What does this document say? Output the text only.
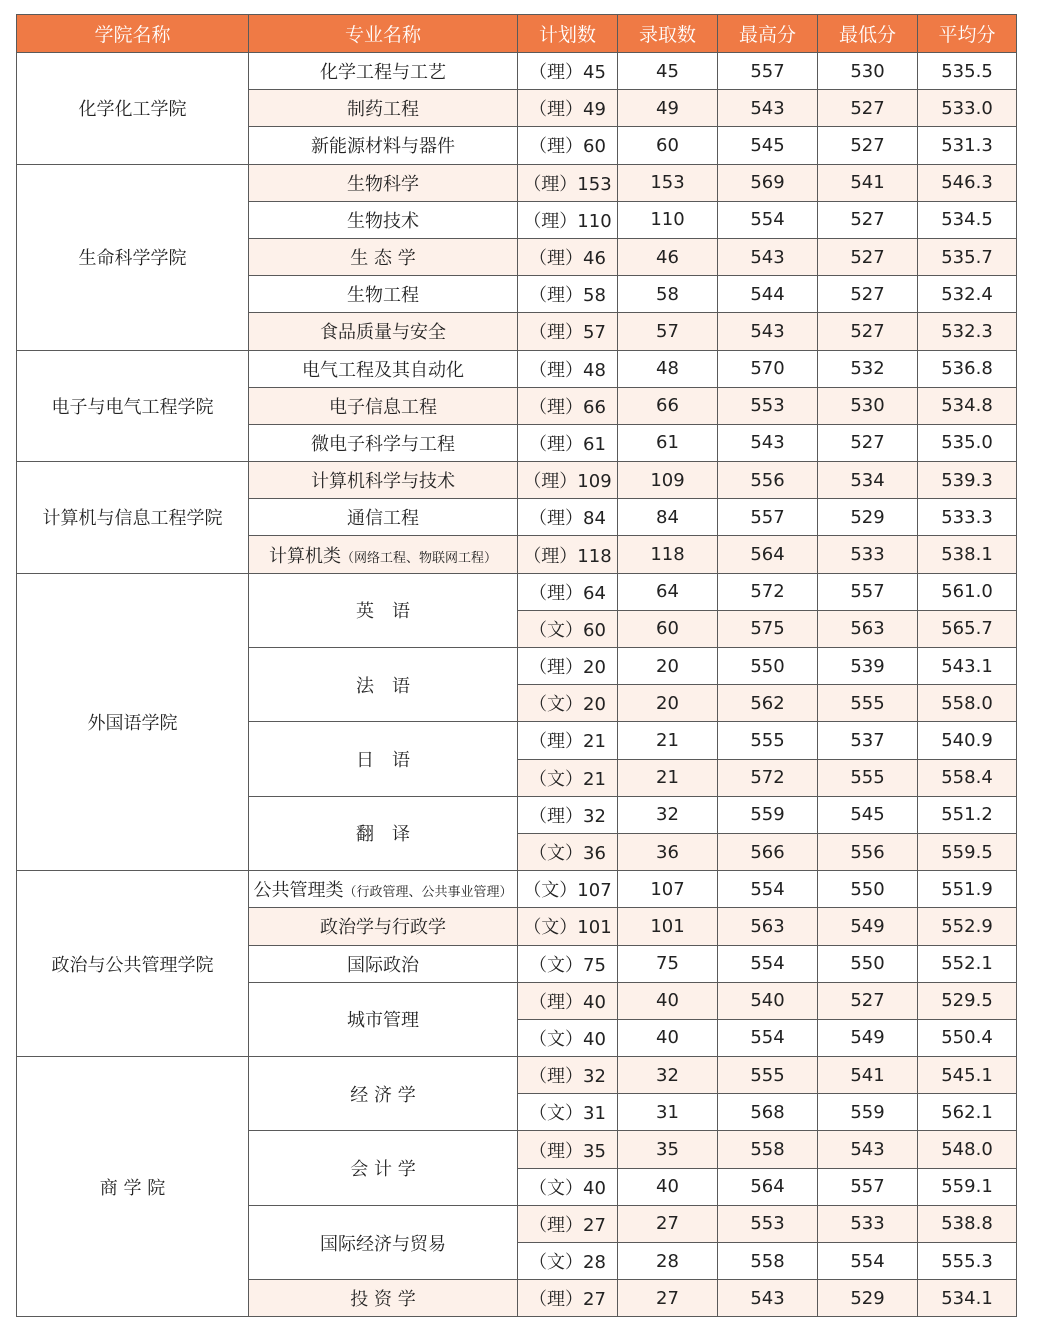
学院名称	专业名称	计划数	录取数	最高分	最低分	平均分
化学化工学院	化学工程与工艺	（理）45	45	557	530	535.5
	制药工程	（理）49	49	543	527	533.0
	新能源材料与器件	（理）60	60	545	527	531.3
生命科学学院	生物科学	（理）153	153	569	541	546.3
	生物技术	（理）110	110	554	527	534.5
	生 态 学	（理）46	46	543	527	535.7
	生物工程	（理）58	58	544	527	532.4
	食品质量与安全	（理）57	57	543	527	532.3
电子与电气工程学院	电气工程及其自动化	（理）48	48	570	532	536.8
	电子信息工程	（理）66	66	553	530	534.8
	微电子科学与工程	（理）61	61	543	527	535.0
计算机与信息工程学院	计算机科学与技术	（理）109	109	556	534	539.3
	通信工程	（理）84	84	557	529	533.3
	计算机类（网络工程、物联网工程）	（理）118	118	564	533	538.1
外国语学院	英　语	（理）64	64	572	557	561.0
		（文）60	60	575	563	565.7
	法　语	（理）20	20	550	539	543.1
		（文）20	20	562	555	558.0
	日　语	（理）21	21	555	537	540.9
		（文）21	21	572	555	558.4
	翻　译	（理）32	32	559	545	551.2
		（文）36	36	566	556	559.5
政治与公共管理学院	公共管理类（行政管理、公共事业管理）	（文）107	107	554	550	551.9
	政治学与行政学	（文）101	101	563	549	552.9
	国际政治	（文）75	75	554	550	552.1
	城市管理	（理）40	40	540	527	529.5
		（文）40	40	554	549	550.4
商 学 院	经 济 学	（理）32	32	555	541	545.1
		（文）31	31	568	559	562.1
	会 计 学	（理）35	35	558	543	548.0
		（文）40	40	564	557	559.1
	国际经济与贸易	（理）27	27	553	533	538.8
		（文）28	28	558	554	555.3
	投 资 学	（理）27	27	543	529	534.1
